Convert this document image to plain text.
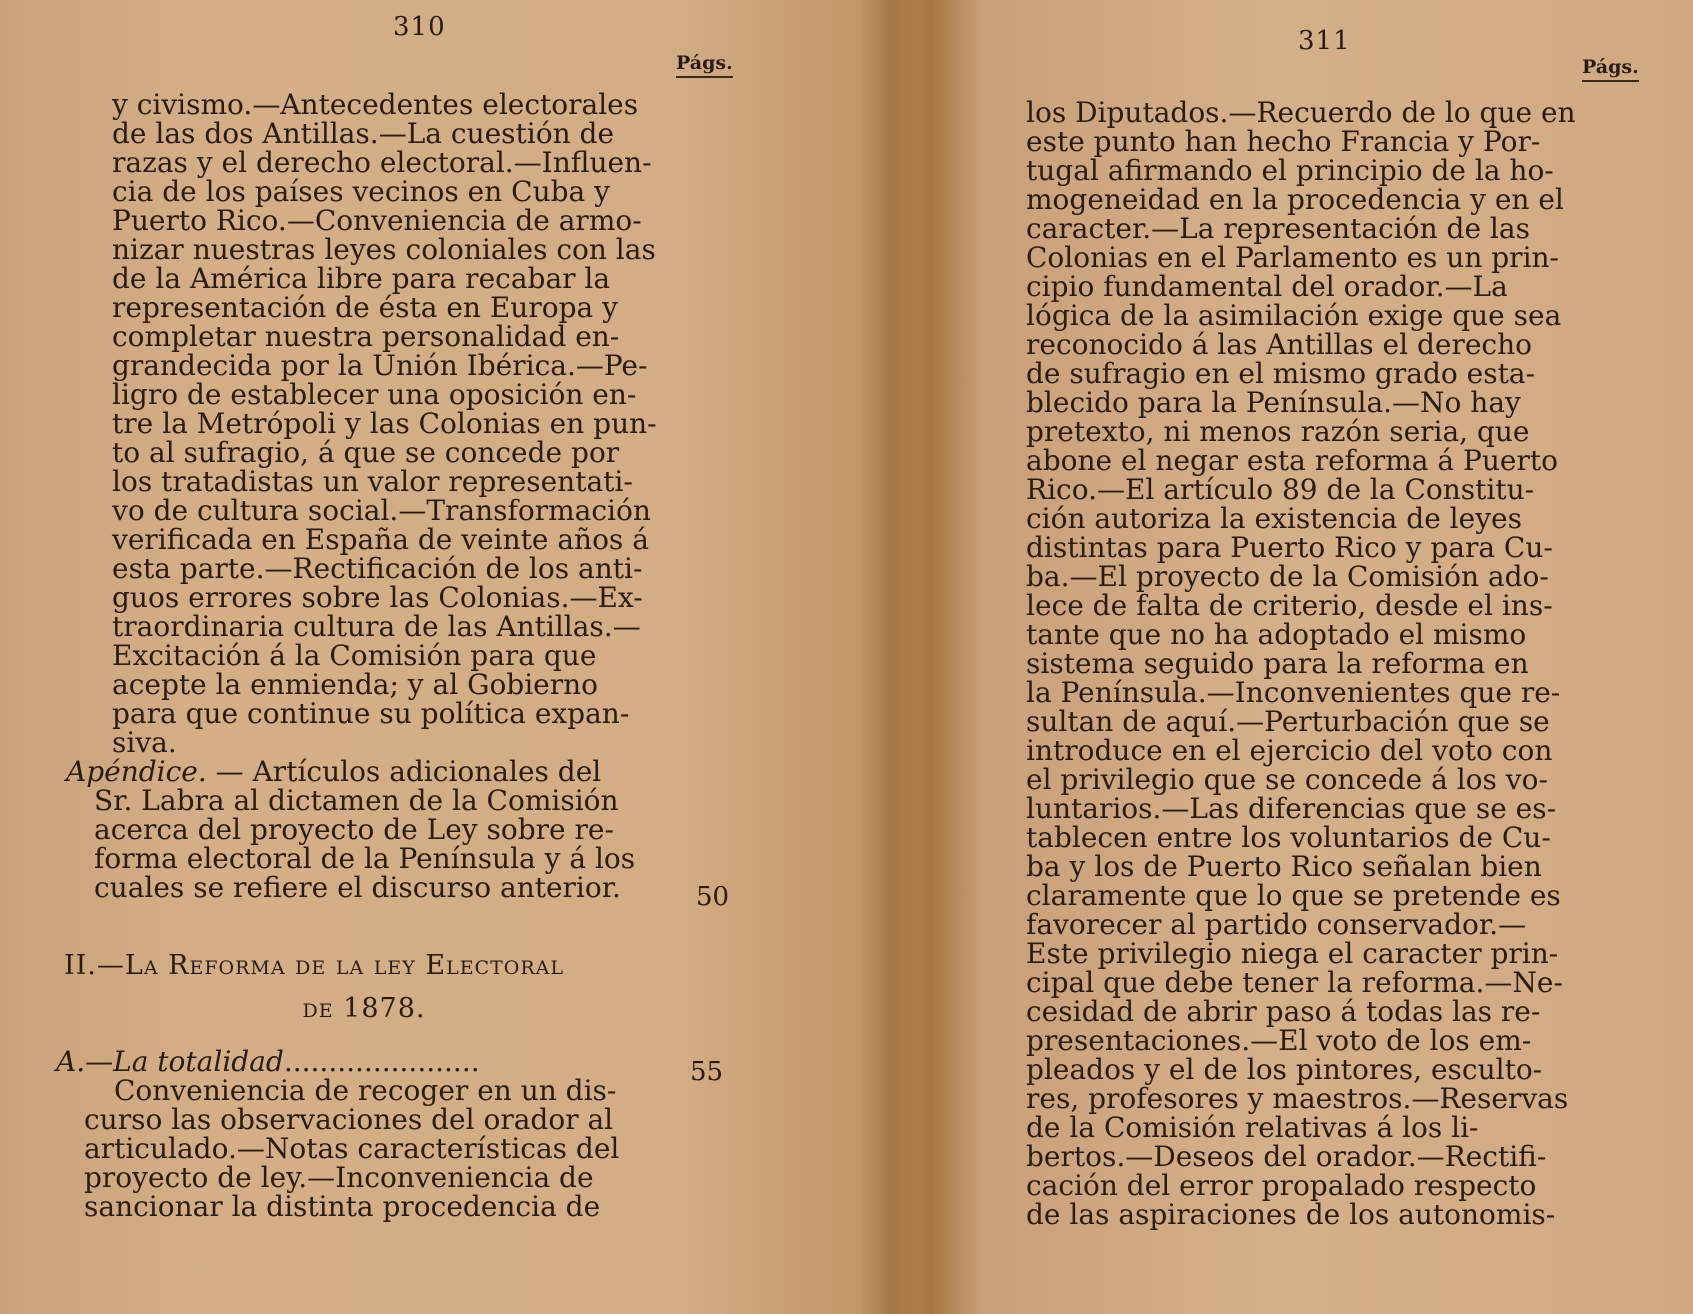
310
Págs.
y civismo.—Antecedentes electorales
de las dos Antillas.—La cuestión de
razas y el derecho electoral.—Influen-
cia de los países vecinos en Cuba y
Puerto Rico.—Conveniencia de armo-
nizar nuestras leyes coloniales con las
de la América libre para recabar la
representación de ésta en Europa y
completar nuestra personalidad en-
grandecida por la Unión Ibérica.—Pe-
ligro de establecer una oposición en-
tre la Metrópoli y las Colonias en pun-
to al sufragio, á que se concede por
los tratadistas un valor representati-
vo de cultura social.—Transformación
verificada en España de veinte años á
esta parte.—Rectificación de los anti-
guos errores sobre las Colonias.—Ex-
traordinaria cultura de las Antillas.—
Excitación á la Comisión para que
acepte la enmienda; y al Gobierno
para que continue su política expan-
siva.
Apéndice. — Artículos adicionales del
Sr. Labra al dictamen de la Comisión
acerca del proyecto de Ley sobre re-
forma electoral de la Península y á los
cuales se refiere el discurso anterior.	50
II.—La Reforma de la ley Electoral
de 1878.
A.—La totalidad......................	55
Conveniencia de recoger en un dis-
curso las observaciones del orador al
articulado.—Notas características del
proyecto de ley.—Inconveniencia de
sancionar la distinta procedencia de
311
Págs.
los Diputados.—Recuerdo de lo que en
este punto han hecho Francia y Por-
tugal afirmando el principio de la ho-
mogeneidad en la procedencia y en el
caracter.—La representación de las
Colonias en el Parlamento es un prin-
cipio fundamental del orador.—La
lógica de la asimilación exige que sea
reconocido á las Antillas el derecho
de sufragio en el mismo grado esta-
blecido para la Península.—No hay
pretexto, ni menos razón seria, que
abone el negar esta reforma á Puerto
Rico.—El artículo 89 de la Constitu-
ción autoriza la existencia de leyes
distintas para Puerto Rico y para Cu-
ba.—El proyecto de la Comisión ado-
lece de falta de criterio, desde el ins-
tante que no ha adoptado el mismo
sistema seguido para la reforma en
la Península.—Inconvenientes que re-
sultan de aquí.—Perturbación que se
introduce en el ejercicio del voto con
el privilegio que se concede á los vo-
luntarios.—Las diferencias que se es-
tablecen entre los voluntarios de Cu-
ba y los de Puerto Rico señalan bien
claramente que lo que se pretende es
favorecer al partido conservador.—
Este privilegio niega el caracter prin-
cipal que debe tener la reforma.—Ne-
cesidad de abrir paso á todas las re-
presentaciones.—El voto de los em-
pleados y el de los pintores, esculto-
res, profesores y maestros.—Reservas
de la Comisión relativas á los li-
bertos.—Deseos del orador.—Rectifi-
cación del error propalado respecto
de las aspiraciones de los autonomis-
